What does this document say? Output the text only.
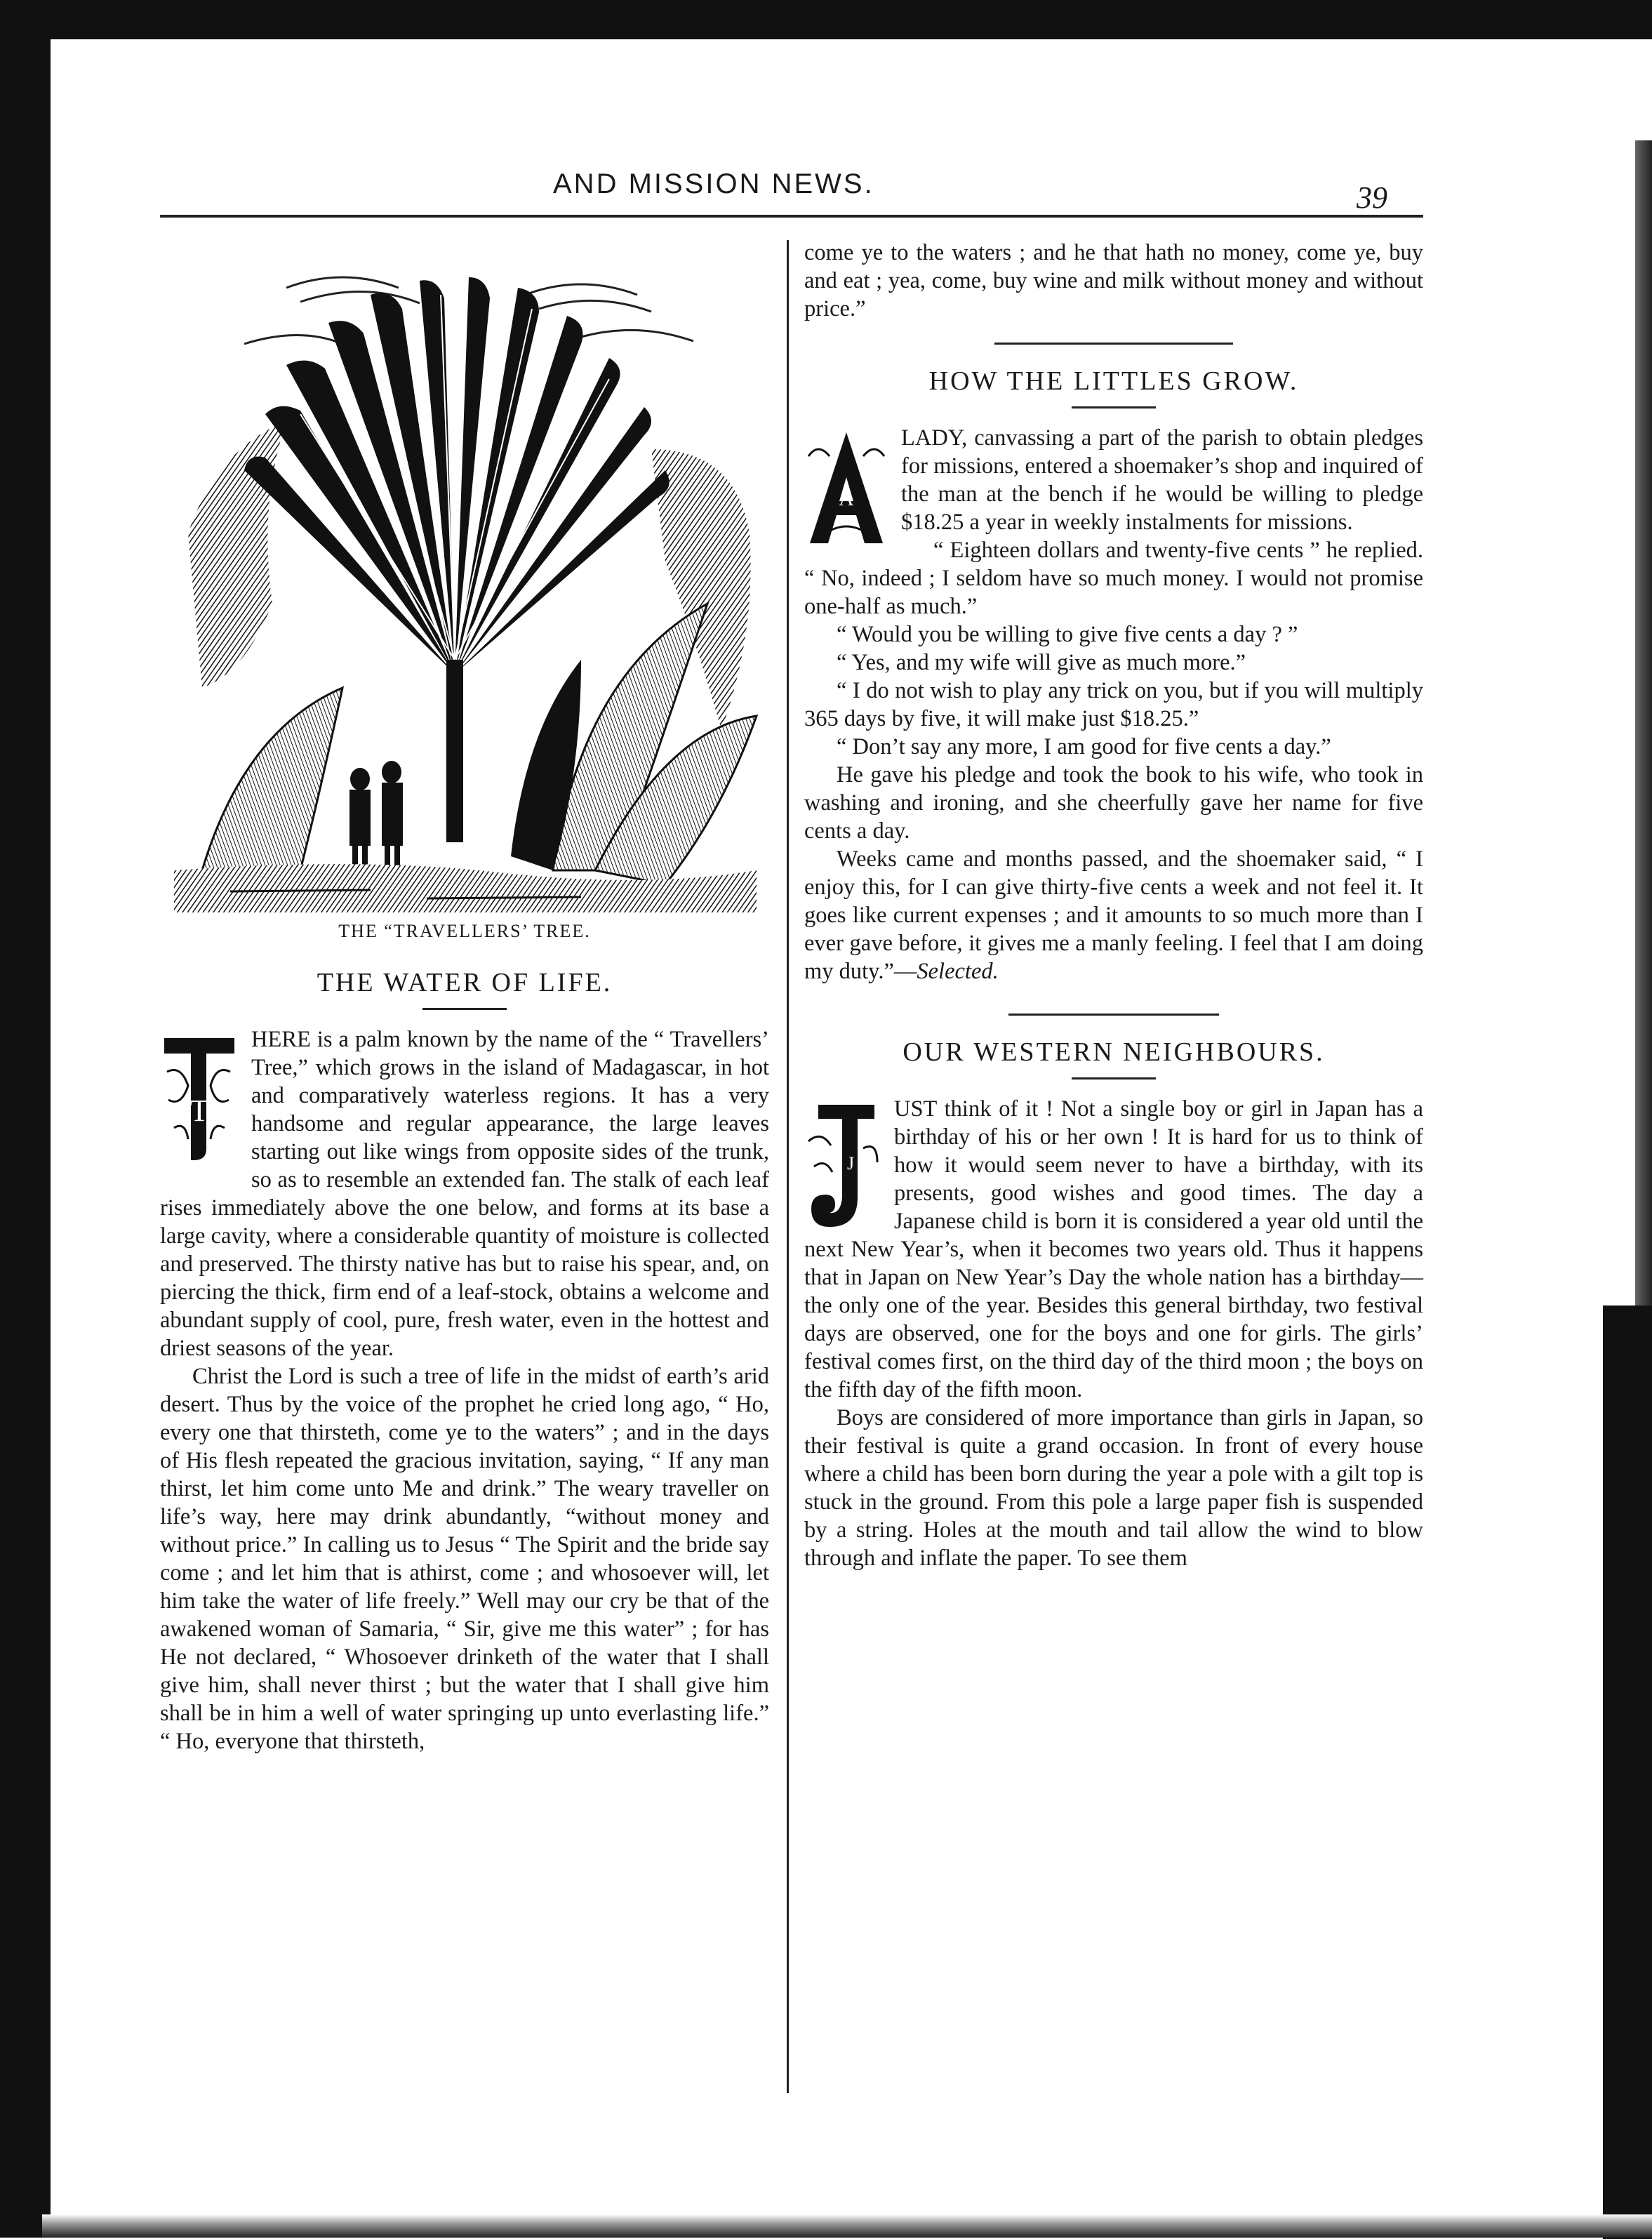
AND MISSION NEWS.	39
THE “TRAVELLERS’ TREE.
THE WATER OF LIFE.
T

HERE is a palm known by the name of the “ Travellers’ Tree,” which grows in the island of Madagascar, in hot and comparatively waterless regions. It has a very handsome and regular appearance, the large leaves starting out like wings from opposite sides of the trunk, so as to resemble an extended fan. The stalk of each leaf rises immediately above the one below, and forms at its base a large cavity, where a considerable quantity of moisture is collected and preserved. The thirsty native has but to raise his spear, and, on piercing the thick, firm end of a leaf-stock, obtains a welcome and abundant supply of cool, pure, fresh water, even in the hottest and driest seasons of the year.

Christ the Lord is such a tree of life in the midst of earth’s arid desert. Thus by the voice of the prophet he cried long ago, “ Ho, every one that thirsteth, come ye to the waters” ; and in the days of His flesh repeated the gracious invitation, saying, “ If any man thirst, let him come unto Me and drink.” The weary traveller on life’s way, here may drink abundantly, “without money and without price.” In calling us to Jesus “ The Spirit and the bride say come ; and let him that is athirst, come ; and whosoever will, let him take the water of life freely.” Well may our cry be that of the awakened woman of Samaria, “ Sir, give me this water” ; for has He not declared, “ Whosoever drinketh of the water that I shall give him, shall never thirst ; but the water that I shall give him shall be in him a well of water springing up unto everlasting life.” “ Ho, everyone that thirsteth,

come ye to the waters ; and he that hath no money, come ye, buy and eat ; yea, come, buy wine and milk without money and without price.”

HOW THE LITTLES GROW.
A

LADY, canvassing a part of the parish to obtain pledges for missions, entered a shoemaker’s shop and inquired of the man at the bench if he would be willing to pledge $18.25 a year in weekly instalments for missions.

“ Eighteen dollars and twenty-five cents ” he replied. “ No, indeed ; I seldom have so much money. I would not promise one-half as much.”

“ Would you be willing to give five cents a day ? ”

“ Yes, and my wife will give as much more.”

“ I do not wish to play any trick on you, but if you will multiply 365 days by five, it will make just $18.25.”

“ Don’t say any more, I am good for five cents a day.”

He gave his pledge and took the book to his wife, who took in washing and ironing, and she cheerfully gave her name for five cents a day.

Weeks came and months passed, and the shoemaker said, “ I enjoy this, for I can give thirty-five cents a week and not feel it. It goes like current expenses ; and it amounts to so much more than I ever gave before, it gives me a manly feeling. I feel that I am doing my duty.”—Selected.

OUR WESTERN NEIGHBOURS.
J

UST think of it ! Not a single boy or girl in Japan has a birthday of his or her own ! It is hard for us to think of how it would seem never to have a birthday, with its presents, good wishes and good times. The day a Japanese child is born it is considered a year old until the next New Year’s, when it becomes two years old. Thus it happens that in Japan on New Year’s Day the whole nation has a birthday—the only one of the year. Besides this general birthday, two festival days are observed, one for the boys and one for girls. The girls’ festival comes first, on the third day of the third moon ; the boys on the fifth day of the fifth moon.

Boys are considered of more importance than girls in Japan, so their festival is quite a grand occasion. In front of every house where a child has been born during the year a pole with a gilt top is stuck in the ground. From this pole a large paper fish is suspended by a string. Holes at the mouth and tail allow the wind to blow through and inflate the paper. To see them
